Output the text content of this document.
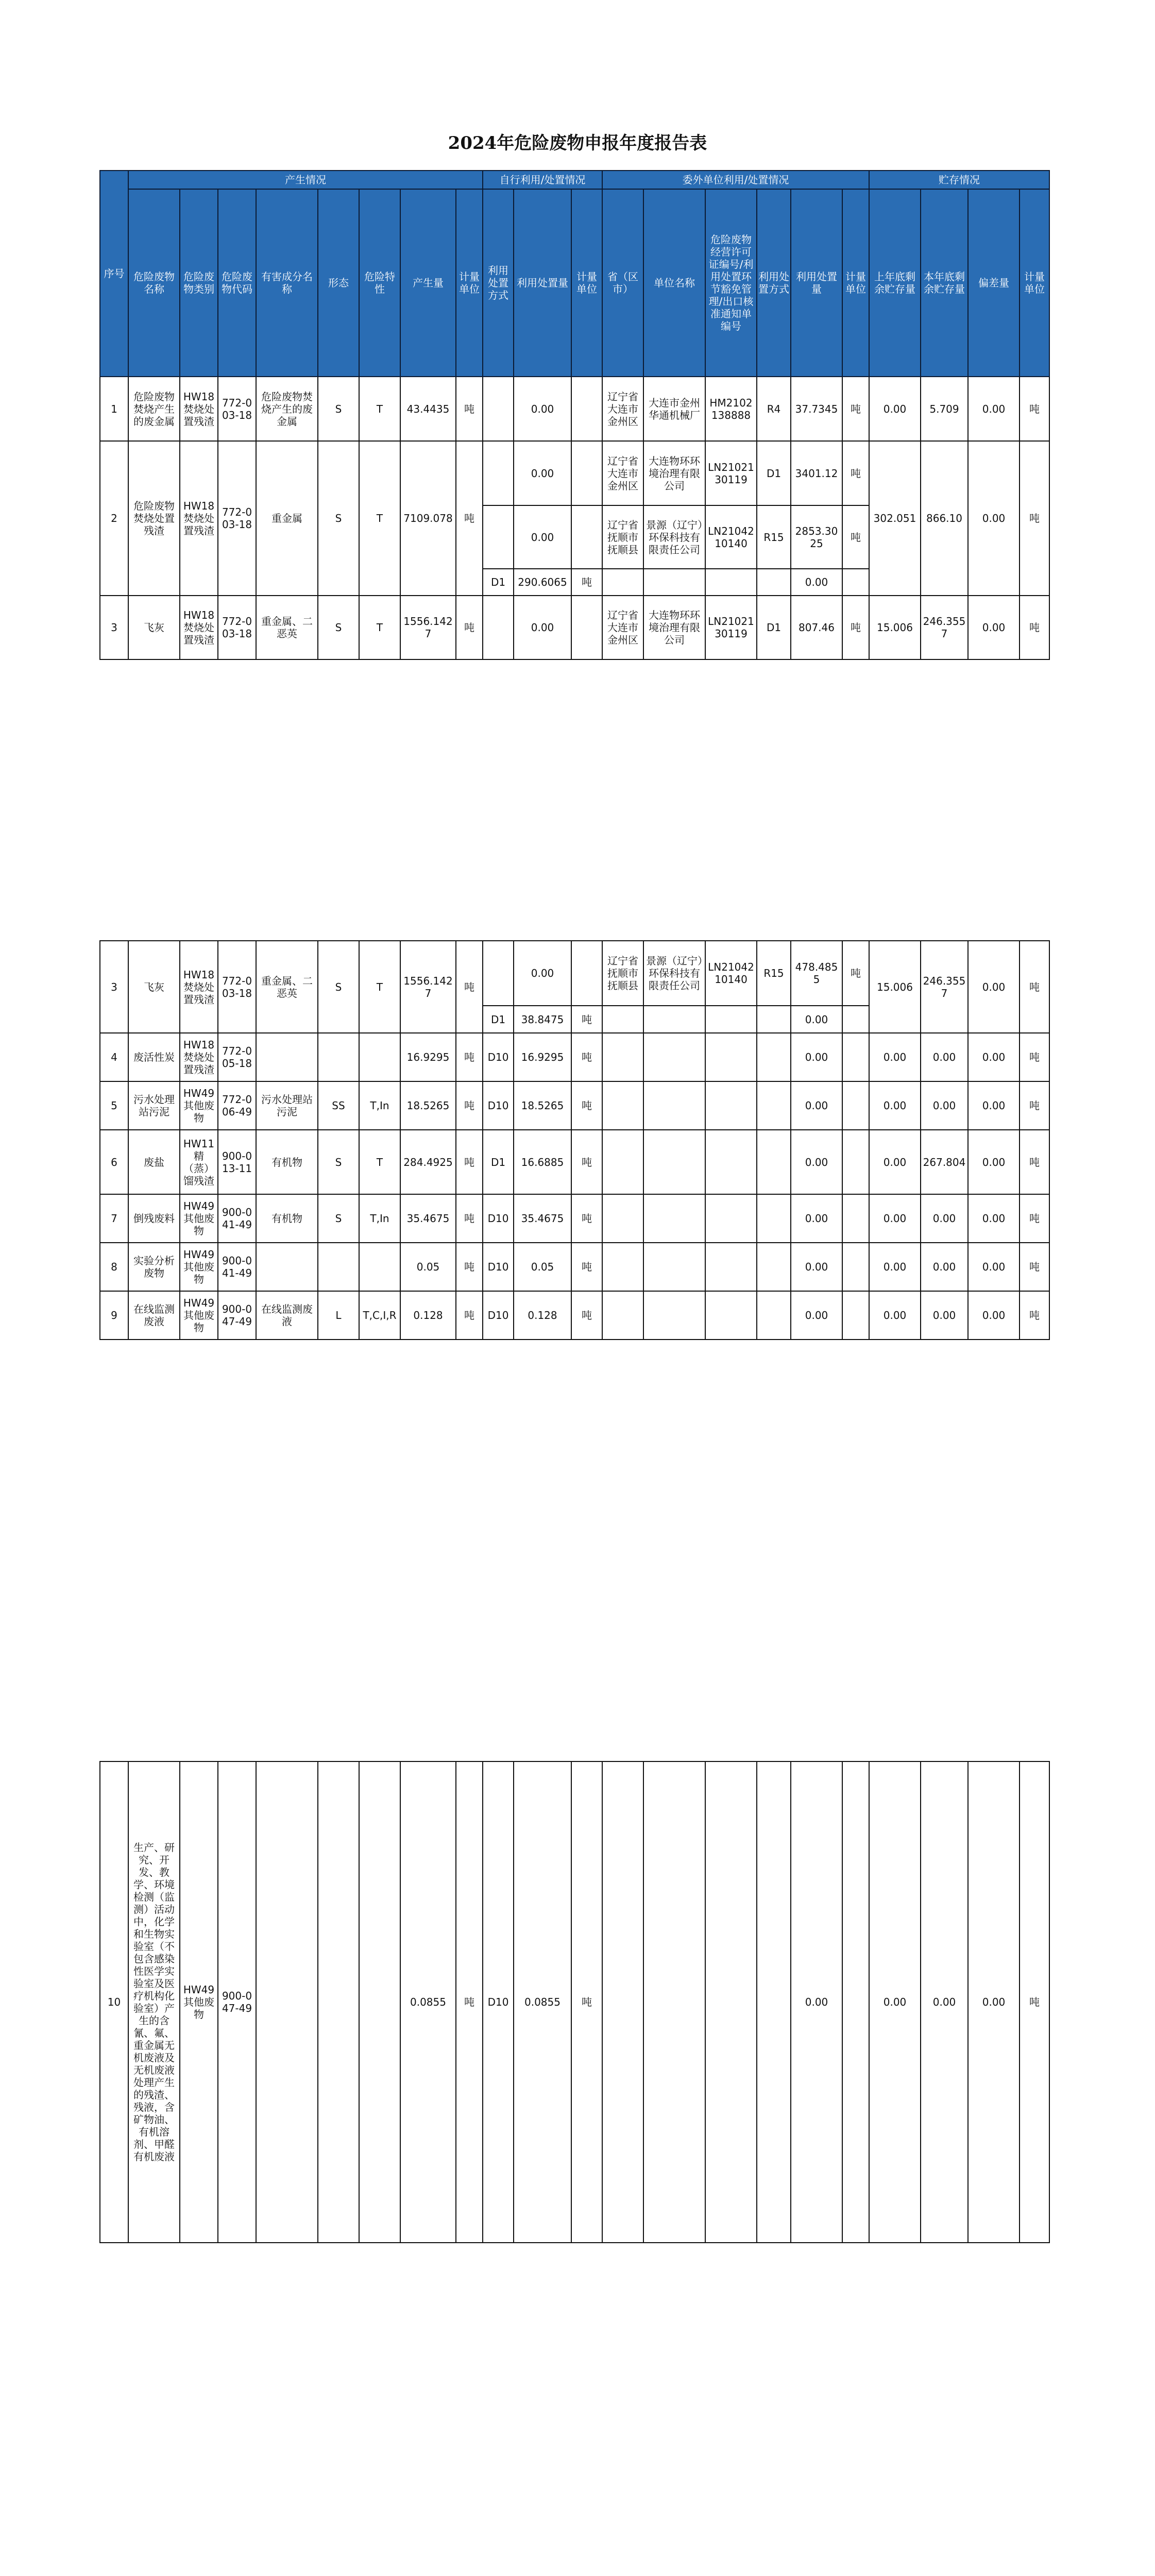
2024年危险废物申报年度报告表
序号	产生情况								自行利用/处置情况			委外单位利用/处置情况						贮存情况			
	危险废物名称	危险废物类别	危险废物代码	有害成分名称	形态	危险特性	产生量	计量单位	利用处置方式	利用处置量	计量单位	省（区市）	单位名称	危险废物经营许可证编号/利用处置环节豁免管理/出口核准通知单编号	利用处置方式	利用处置量	计量单位	上年底剩余贮存量	本年底剩余贮存量	偏差量	计量单位
1	危险废物焚烧产生的废金属	HW18焚烧处置残渣	772-003-18	危险废物焚烧产生的废金属	S	T	43.4435	吨		0.00		辽宁省大连市金州区	大连市金州华通机械厂	HM2102138888	R4	37.7345	吨	0.00	5.709	0.00	吨
2	危险废物焚烧处置残渣	HW18焚烧处置残渣	772-003-18	重金属	S	T	7109.078	吨		0.00		辽宁省大连市金州区	大连物环环境治理有限公司	LN2102130119	D1	3401.12	吨	302.051	866.10	0.00	吨
										0.00		辽宁省抚顺市抚顺县	景源（辽宁）环保科技有限责任公司	LN2104210140	R15	2853.3025	吨				
									D1	290.6065	吨					0.00					
3	飞灰	HW18焚烧处置残渣	772-003-18	重金属、二恶英	S	T	1556.1427	吨		0.00		辽宁省大连市金州区	大连物环环境治理有限公司	LN2102130119	D1	807.46	吨	15.006	246.3557	0.00	吨
3	飞灰	HW18焚烧处置残渣	772-003-18	重金属、二恶英	S	T	1556.1427	吨		0.00		辽宁省抚顺市抚顺县	景源（辽宁）环保科技有限责任公司	LN2104210140	R15	478.4855	吨	15.006	246.3557	0.00	吨
									D1	38.8475	吨					0.00					
4	废活性炭	HW18焚烧处置残渣	772-005-18				16.9295	吨	D10	16.9295	吨					0.00		0.00	0.00	0.00	吨
5	污水处理站污泥	HW49其他废物	772-006-49	污水处理站污泥	SS	T,In	18.5265	吨	D10	18.5265	吨					0.00		0.00	0.00	0.00	吨
6	废盐	HW11精（蒸）馏残渣	900-013-11	有机物	S	T	284.4925	吨	D1	16.6885	吨					0.00		0.00	267.804	0.00	吨
7	倒残废料	HW49其他废物	900-041-49	有机物	S	T,In	35.4675	吨	D10	35.4675	吨					0.00		0.00	0.00	0.00	吨
8	实验分析废物	HW49其他废物	900-041-49				0.05	吨	D10	0.05	吨					0.00		0.00	0.00	0.00	吨
9	在线监测废液	HW49其他废物	900-047-49	在线监测废液	L	T,C,I,R	0.128	吨	D10	0.128	吨					0.00		0.00	0.00	0.00	吨
10	生产、研究、开发、教学、环境检测（监测）活动中，化学和生物实验室（不包含感染性医学实验室及医疗机构化验室）产生的含氰、氟、重金属无机废液及无机废液处理产生的残渣、残液，含矿物油、有机溶剂、甲醛有机废液	HW49其他废物	900-047-49				0.0855	吨	D10	0.0855	吨					0.00		0.00	0.00	0.00	吨
